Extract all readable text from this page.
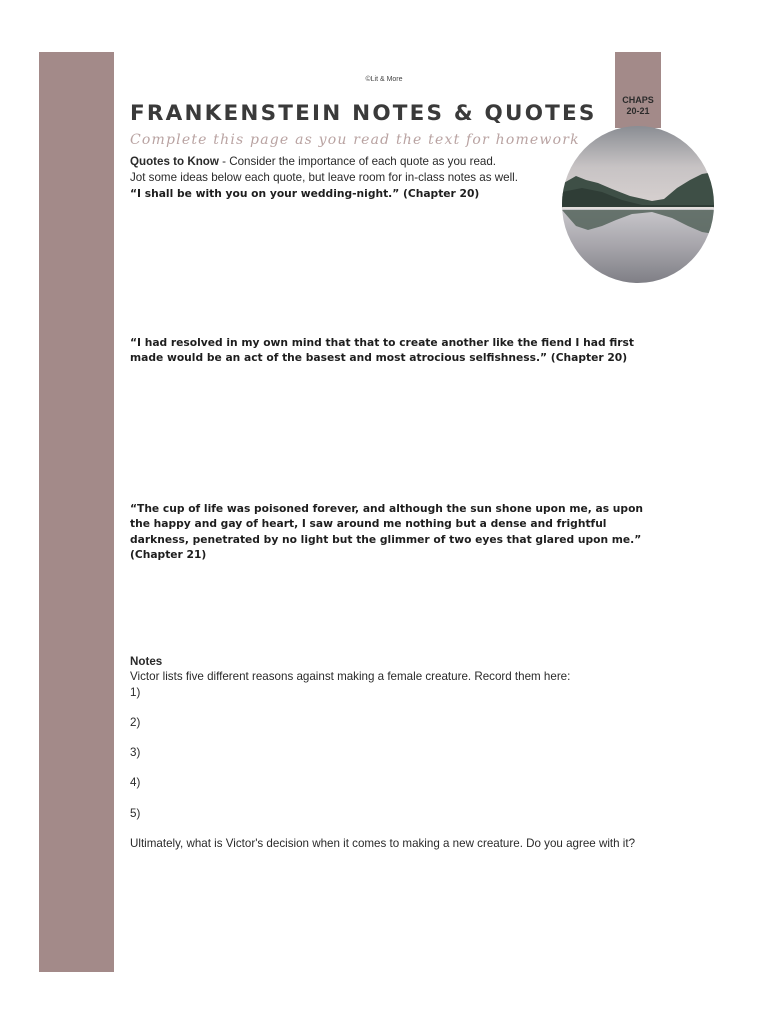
CHAPS
20-21
©Lit & More
FRANKENSTEIN NOTES & QUOTES
Complete this page as you read the text for homework
Quotes to Know - Consider the importance of each quote as you read.
Jot some ideas below each quote, but leave room for in-class notes as well.
“I shall be with you on your wedding-night.” (Chapter 20)
“I had resolved in my own mind that that to create another like the fiend I had first made would be an act of the basest and most atrocious selfishness.” (Chapter 20)
“The cup of life was poisoned forever, and although the sun shone upon me, as upon the happy and gay of heart, I saw around me nothing but a dense and frightful darkness, penetrated by no light but the glimmer of two eyes that glared upon me.” (Chapter 21)
Notes
Victor lists five different reasons against making a female creature. Record them here:
1)
2)
3)
4)
5)
Ultimately, what is Victor's decision when it comes to making a new creature. Do you agree with it?
